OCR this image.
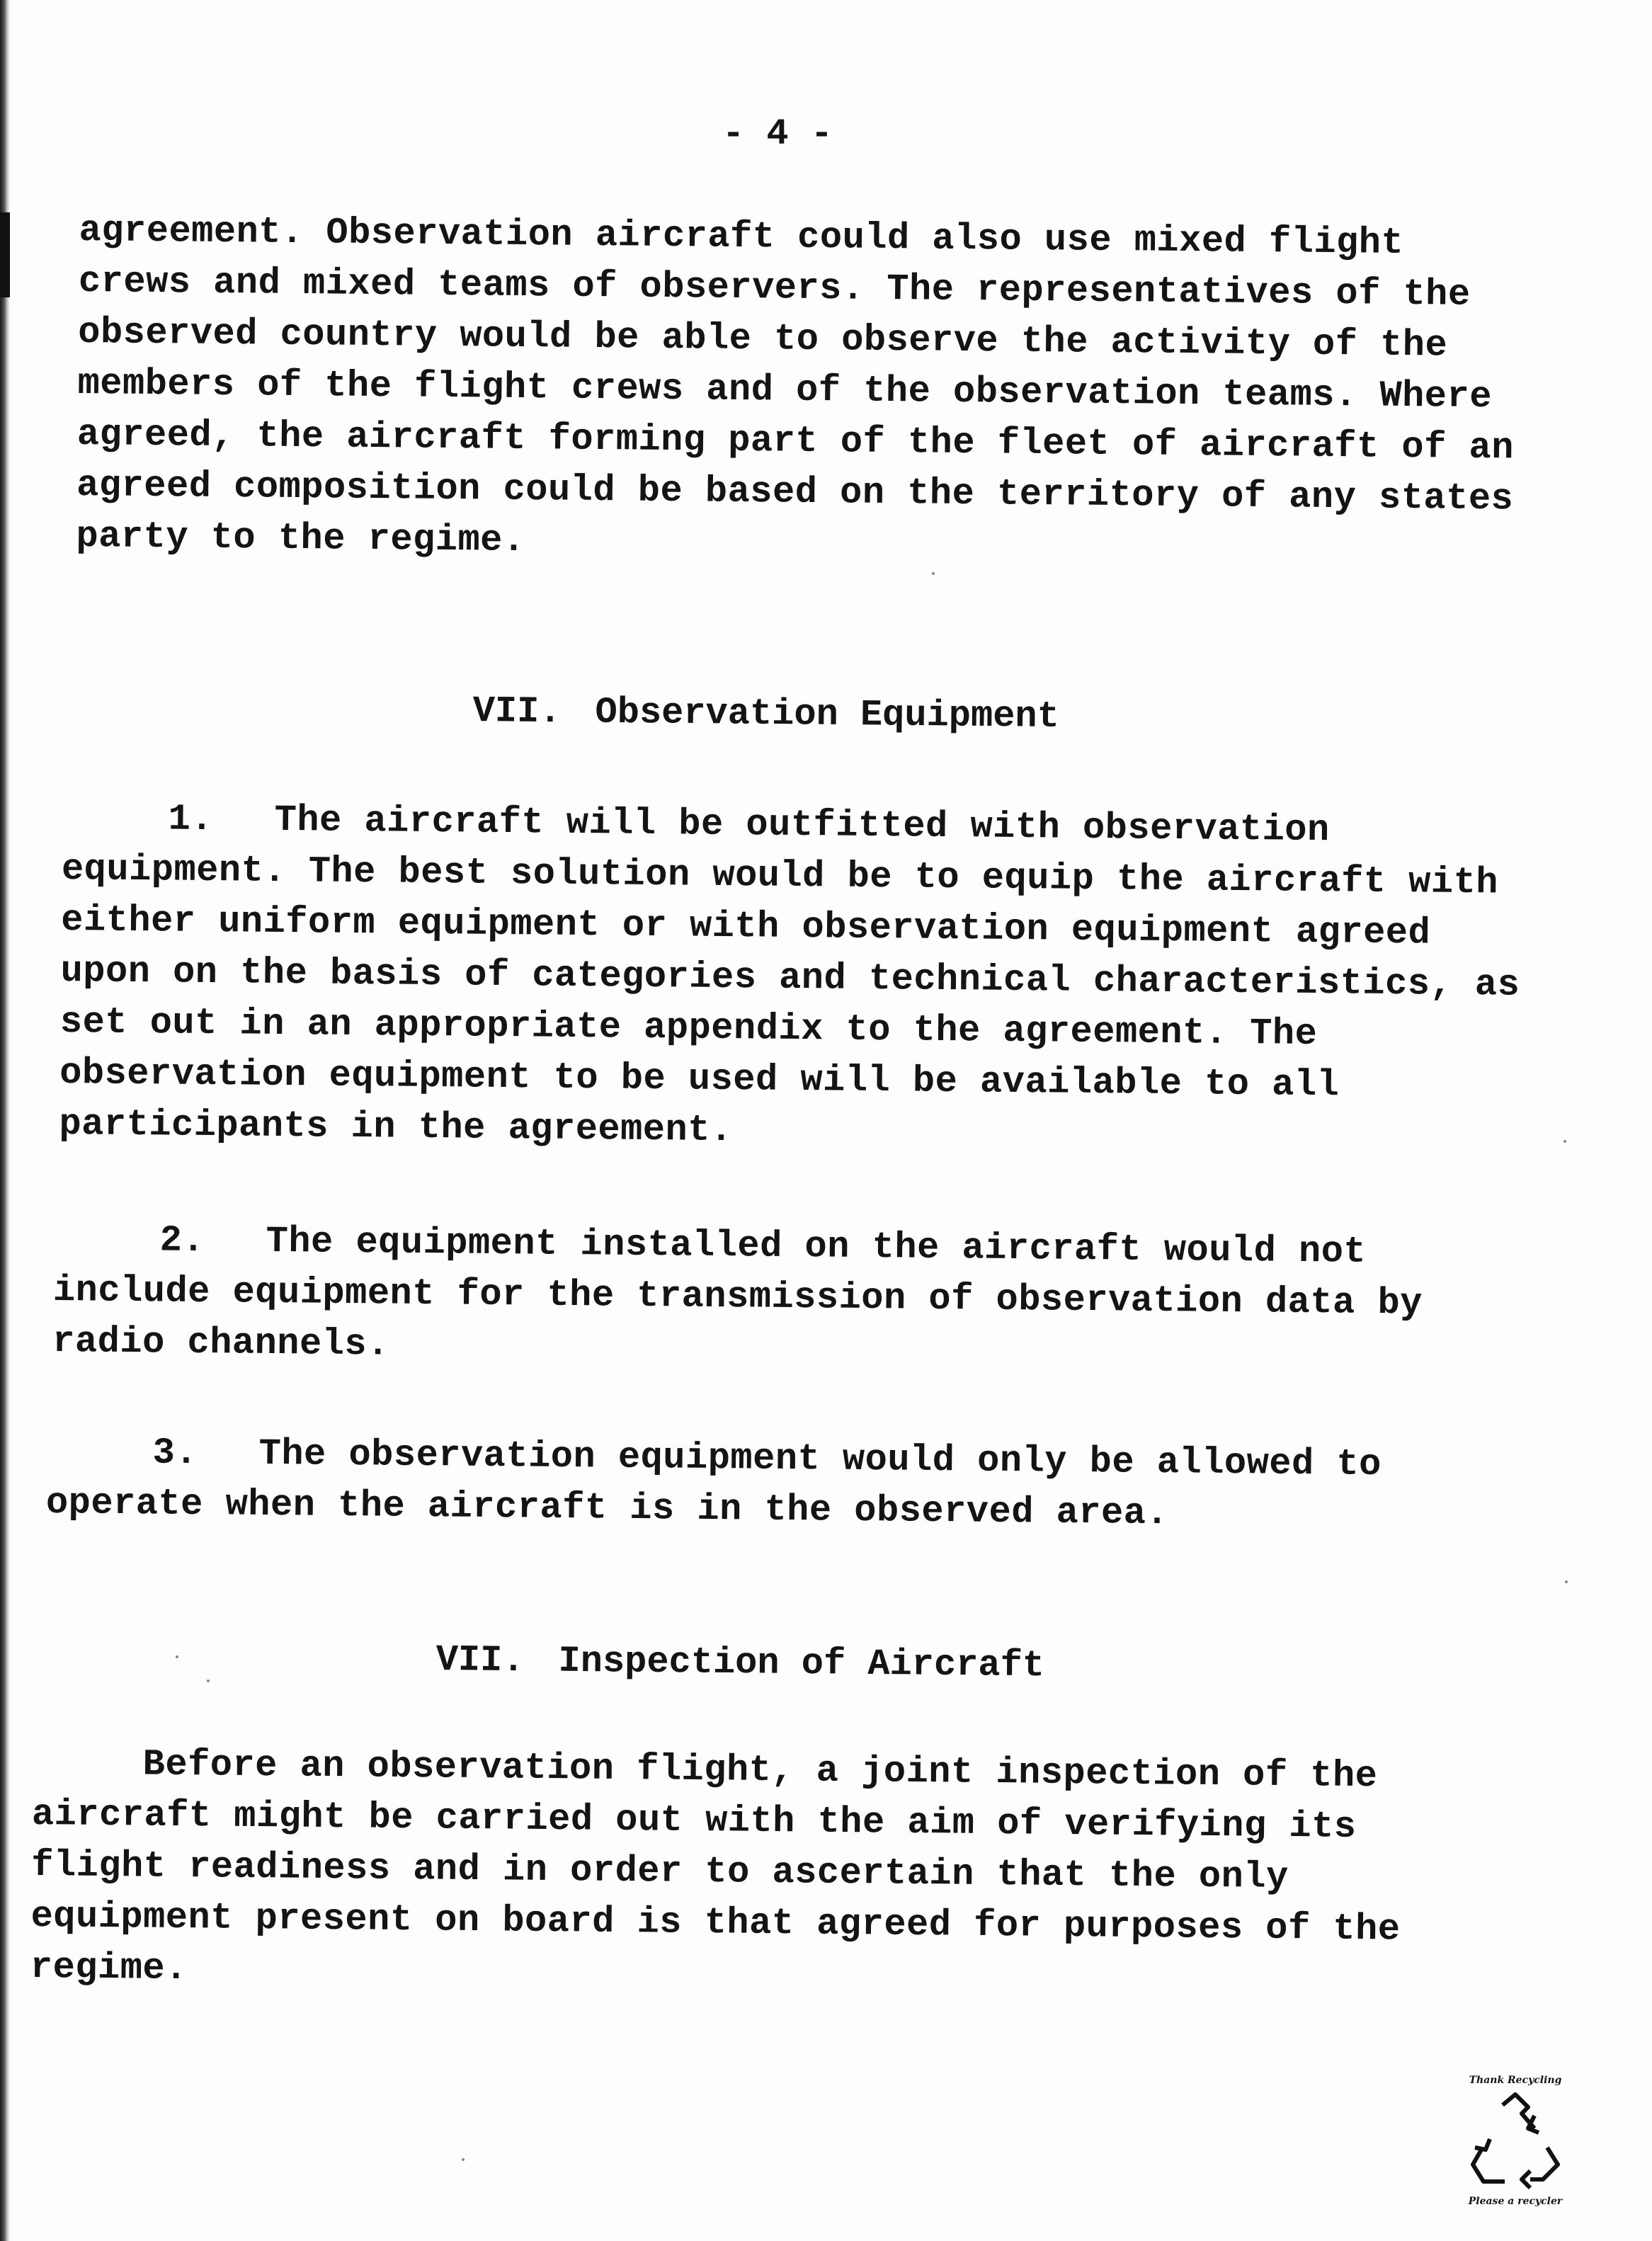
- 4 -
agreement. Observation aircraft could also use mixed flight
crews and mixed teams of observers. The representatives of the
observed country would be able to observe the activity of the
members of the flight crews and of the observation teams. Where
agreed, the aircraft forming part of the fleet of aircraft of an
agreed composition could be based on the territory of any states
party to the regime.
VII. Observation Equipment
1. The aircraft will be outfitted with observation
equipment. The best solution would be to equip the aircraft with
either uniform equipment or with observation equipment agreed
upon on the basis of categories and technical characteristics, as
set out in an appropriate appendix to the agreement. The
observation equipment to be used will be available to all
participants in the agreement.
2. The equipment installed on the aircraft would not
include equipment for the transmission of observation data by
radio channels.
3. The observation equipment would only be allowed to
operate when the aircraft is in the observed area.
VII. Inspection of Aircraft
Before an observation flight, a joint inspection of the
aircraft might be carried out with the aim of verifying its
flight readiness and in order to ascertain that the only
equipment present on board is that agreed for purposes of the
regime.
Thank Recycling
Please a recycler
